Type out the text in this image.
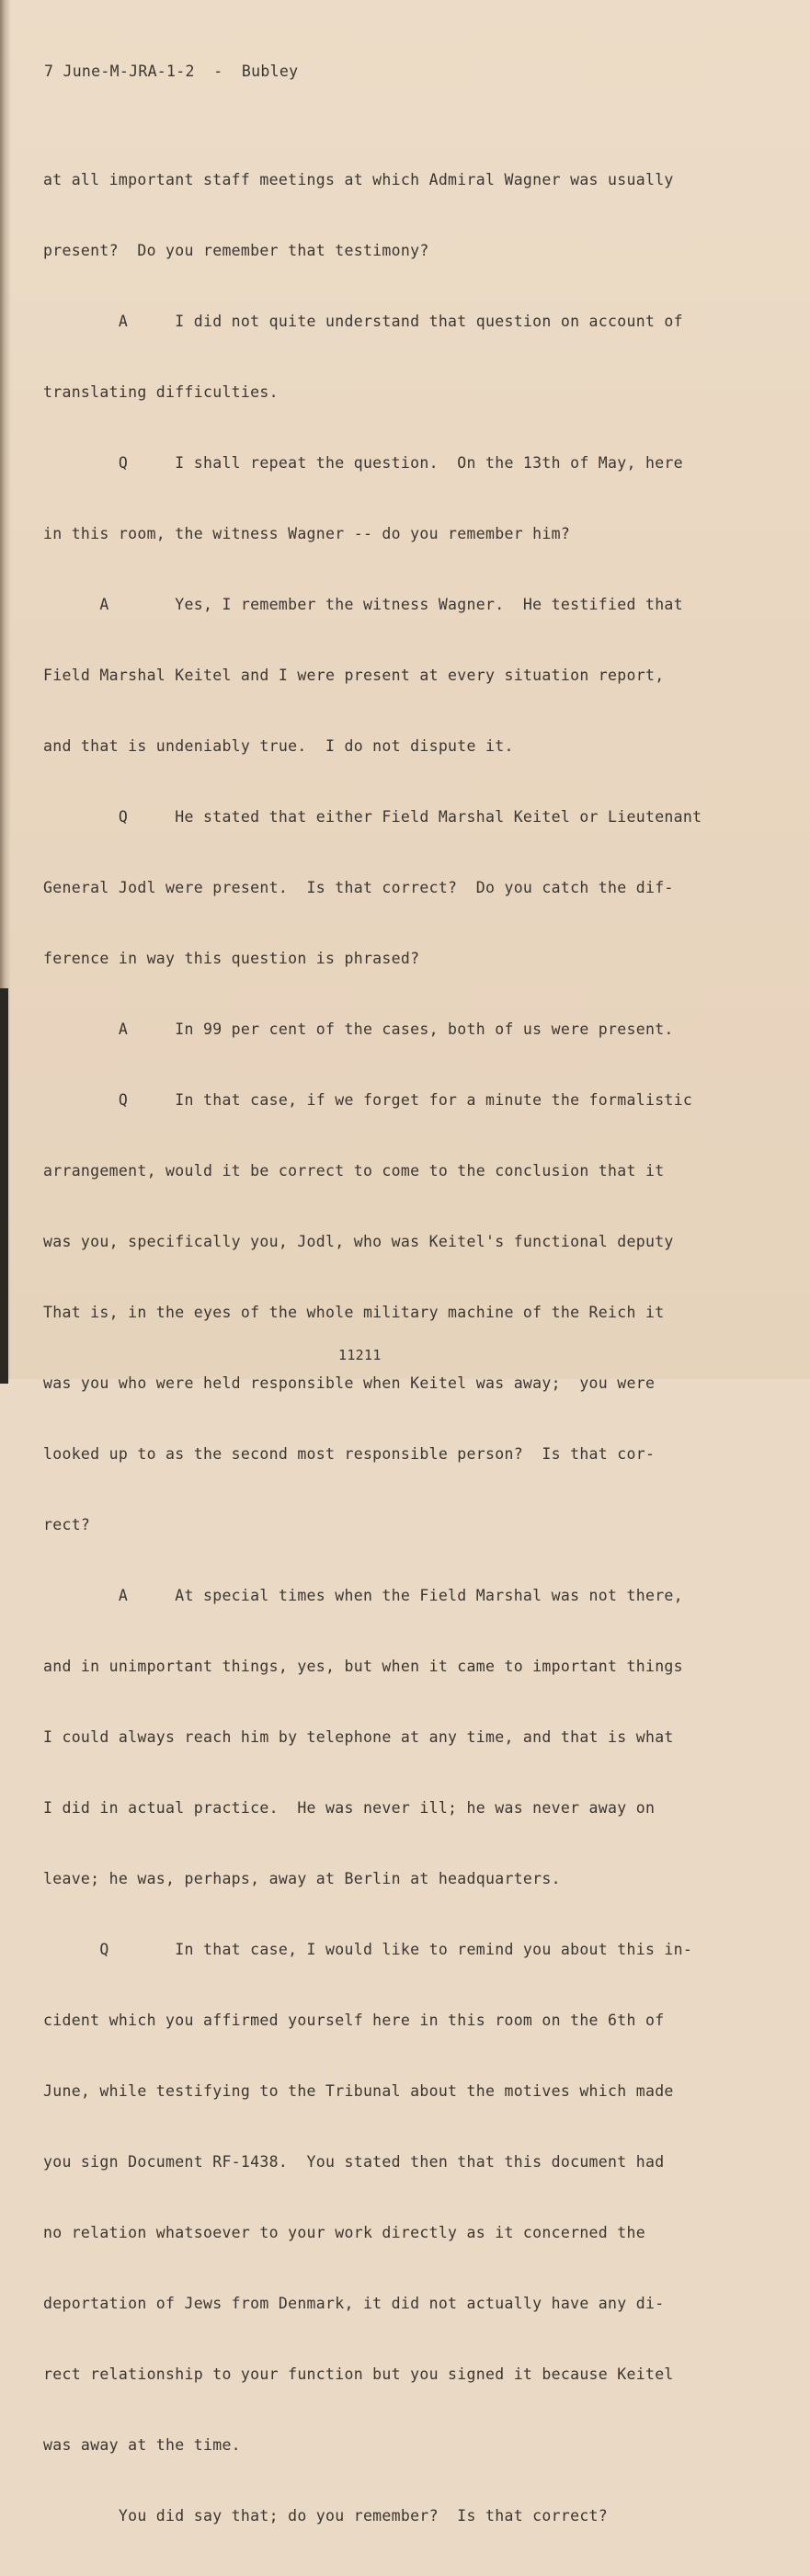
7 June-M-JRA-1-2  -  Bubley

at all important staff meetings at which Admiral Wagner was usually

present?  Do you remember that testimony?

A     I did not quite understand that question on account of

translating difficulties.

Q     I shall repeat the question.  On the 13th of May, here

in this room, the witness Wagner -- do you remember him?

A       Yes, I remember the witness Wagner.  He testified that

Field Marshal Keitel and I were present at every situation report,

and that is undeniably true.  I do not dispute it.

Q     He stated that either Field Marshal Keitel or Lieutenant

General Jodl were present.  Is that correct?  Do you catch the dif-

ference in way this question is phrased?

A     In 99 per cent of the cases, both of us were present.

Q     In that case, if we forget for a minute the formalistic

arrangement, would it be correct to come to the conclusion that it

was you, specifically you, Jodl, who was Keitel's functional deputy

That is, in the eyes of the whole military machine of the Reich it

was you who were held responsible when Keitel was away;  you were

looked up to as the second most responsible person?  Is that cor-

rect?

A     At special times when the Field Marshal was not there,

and in unimportant things, yes, but when it came to important things

I could always reach him by telephone at any time, and that is what

I did in actual practice.  He was never ill; he was never away on

leave; he was, perhaps, away at Berlin at headquarters.

Q       In that case, I would like to remind you about this in-

cident which you affirmed yourself here in this room on the 6th of

June, while testifying to the Tribunal about the motives which made

you sign Document RF-1438.  You stated then that this document had

no relation whatsoever to your work directly as it concerned the

deportation of Jews from Denmark, it did not actually have any di-

rect relationship to your function but you signed it because Keitel

was away at the time.

You did say that; do you remember?  Is that correct?

11211
